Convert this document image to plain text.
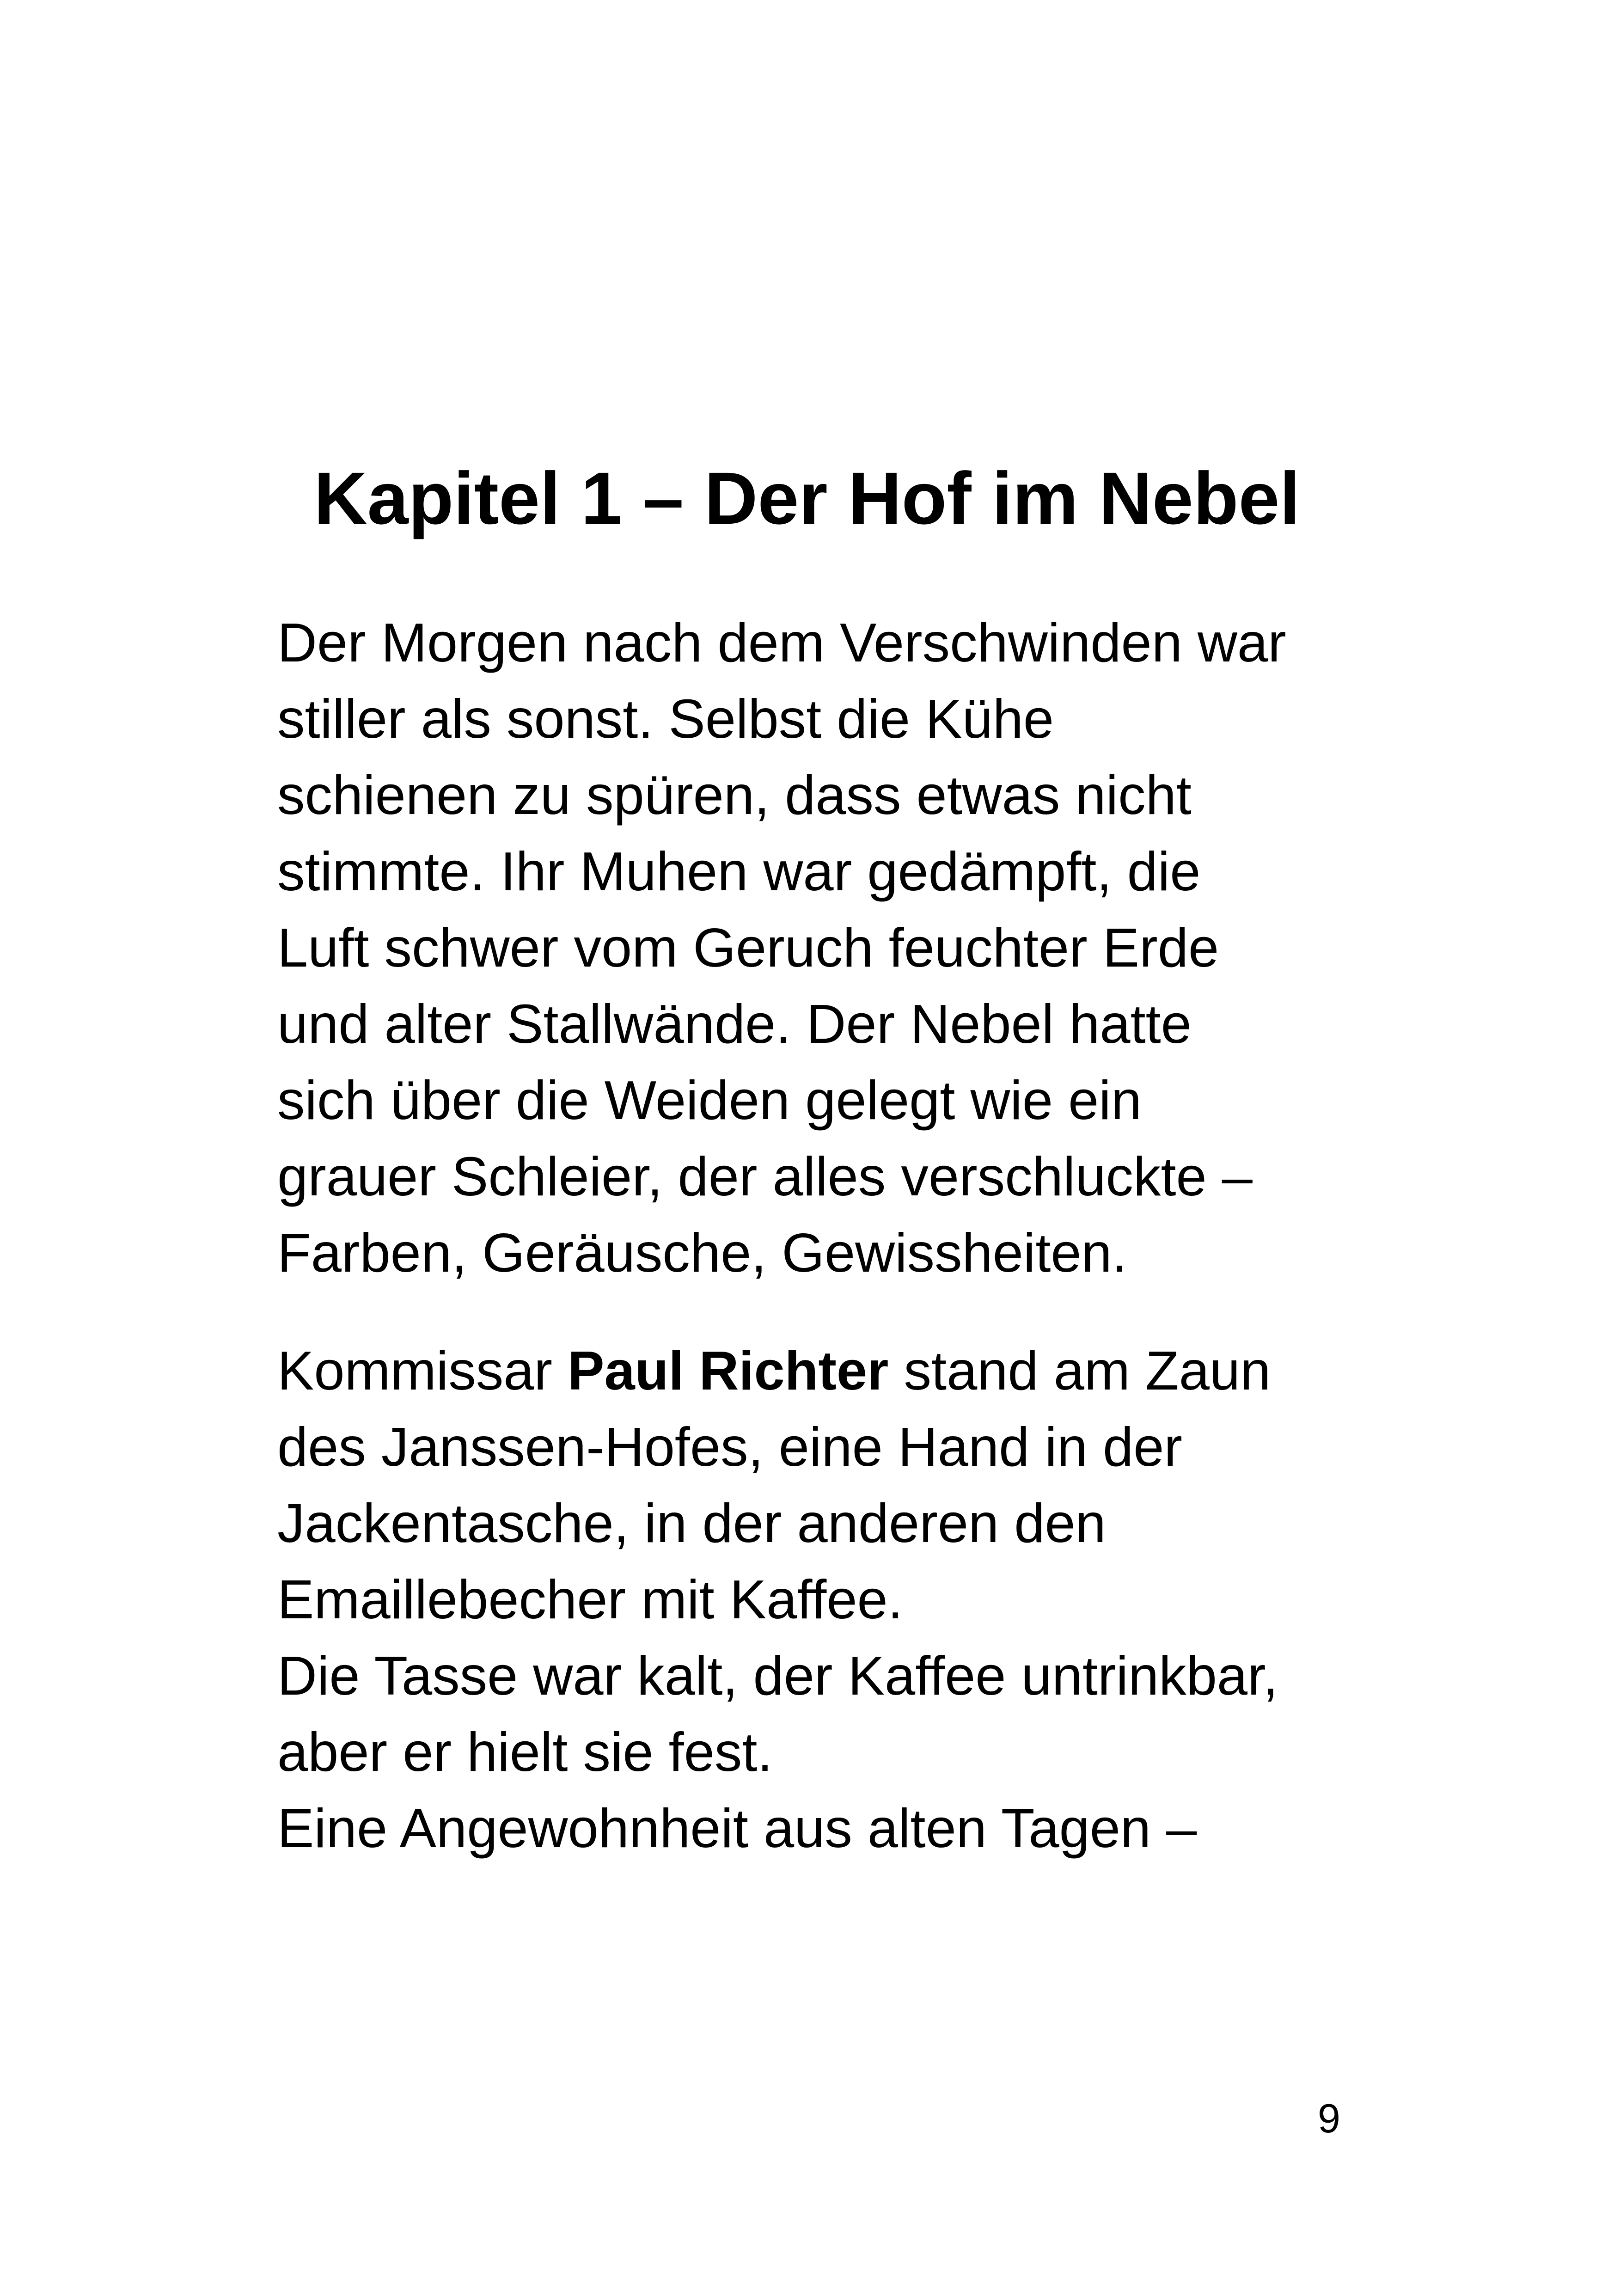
Kapitel 1 – Der Hof im Nebel
Der Morgen nach dem Verschwinden war
stiller als sonst. Selbst die Kühe
schienen zu spüren, dass etwas nicht
stimmte. Ihr Muhen war gedämpft, die
Luft schwer vom Geruch feuchter Erde
und alter Stallwände. Der Nebel hatte
sich über die Weiden gelegt wie ein
grauer Schleier, der alles verschluckte –
Farben, Geräusche, Gewissheiten.
Kommissar Paul Richter stand am Zaun
des Janssen-Hofes, eine Hand in der
Jackentasche, in der anderen den
Emaillebecher mit Kaffee.
Die Tasse war kalt, der Kaffee untrinkbar,
aber er hielt sie fest.
Eine Angewohnheit aus alten Tagen –
9
